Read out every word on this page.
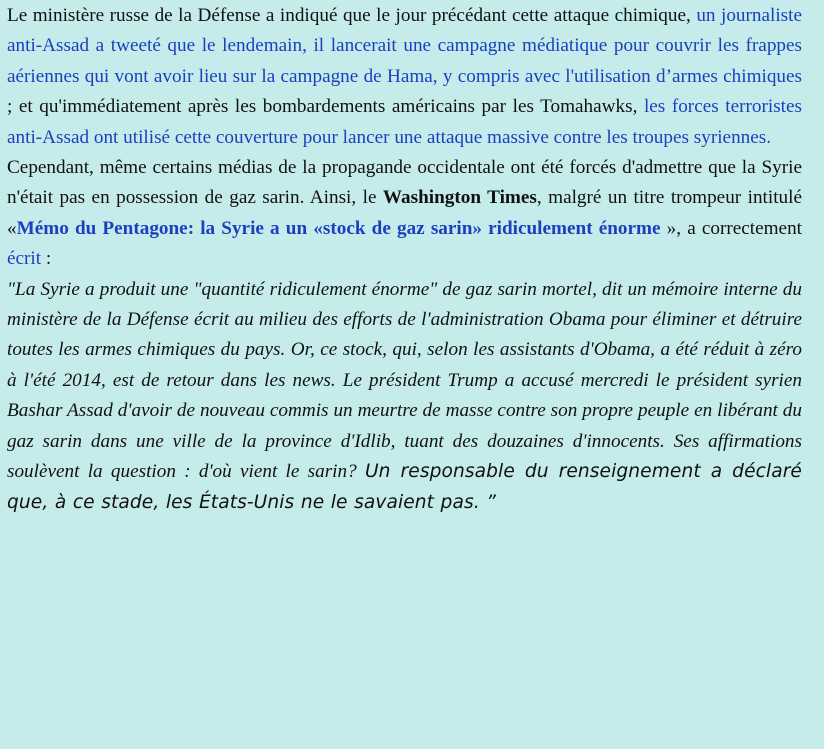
Le ministère russe de la Défense a indiqué que le jour précédant cette attaque chimique, un journaliste anti-Assad a tweeté que le lendemain, il lancerait une campagne médiatique pour couvrir les frappes aériennes qui vont avoir lieu sur la campagne de Hama, y compris avec l'utilisation d’armes chimiques ; et qu'immédiatement après les bombardements américains par les Tomahawks, les forces terroristes anti-Assad ont utilisé cette couverture pour lancer une attaque massive contre les troupes syriennes.

Cependant, même certains médias de la propagande occidentale ont été forcés d'admettre que la Syrie n'était pas en possession de gaz sarin. Ainsi, le Washington Times, malgré un titre trompeur intitulé «Mémo du Pentagone: la Syrie a un «stock de gaz sarin» ridiculement énorme », a correctement écrit :

"La Syrie a produit une "quantité ridiculement énorme" de gaz sarin mortel, dit un mémoire interne du ministère de la Défense écrit au milieu des efforts de l'administration Obama pour éliminer et détruire toutes les armes chimiques du pays. Or, ce stock, qui, selon les assistants d'Obama, a été réduit à zéro à l'été 2014, est de retour dans les news. Le président Trump a accusé mercredi le président syrien Bashar Assad d'avoir de nouveau commis un meurtre de masse contre son propre peuple en libérant du gaz sarin dans une ville de la province d'Idlib, tuant des douzaines d'innocents. Ses affirmations soulèvent la question : d'où vient le sarin? Un responsable du renseignement a déclaré que, à ce stade, les États-Unis ne le savaient pas. ”
